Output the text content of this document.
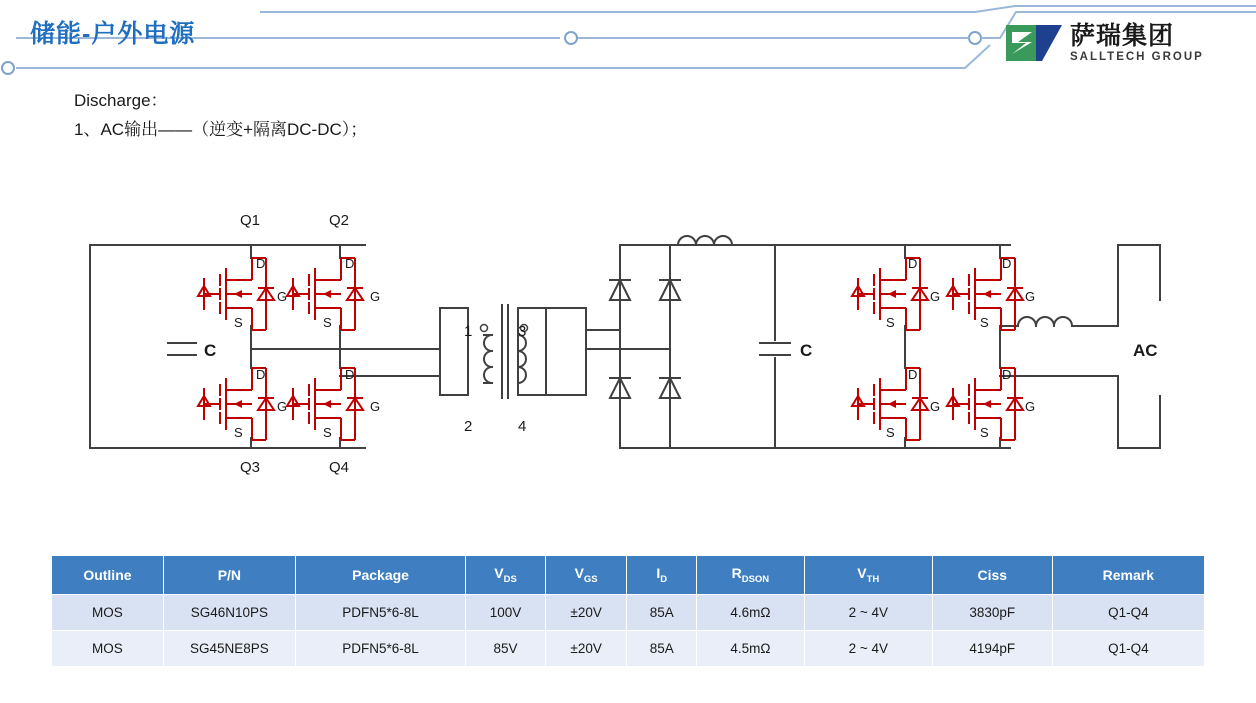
储能-户外电源	萨瑞集团
SALLTECH GROUP
Discharge：
1、AC输出——（逆变+隔离DC-DC）；
Q1	Q2
Q3	Q4
C	C	AC
1
2
3
4
D
G
S
D
S
D
G
S
D
S
G
G
D	D
S	S
G	G
D	D
S	S
G	G
Outline	P/N	Package	$V_{DS}$	$V_{GS}$	$I_D$	$R_{DSON}$	$V_{TH}$	Ciss	Remark
MOS	SG46N10PS	PDFN5*6-8L	100V	±20V	85A	4.6mΩ	2 ~ 4V	3830pF	Q1-Q4
MOS	SG45NE8PS	PDFN5*6-8L	85V	±20V	85A	4.5mΩ	2 ~ 4V	4194pF	Q1-Q4
